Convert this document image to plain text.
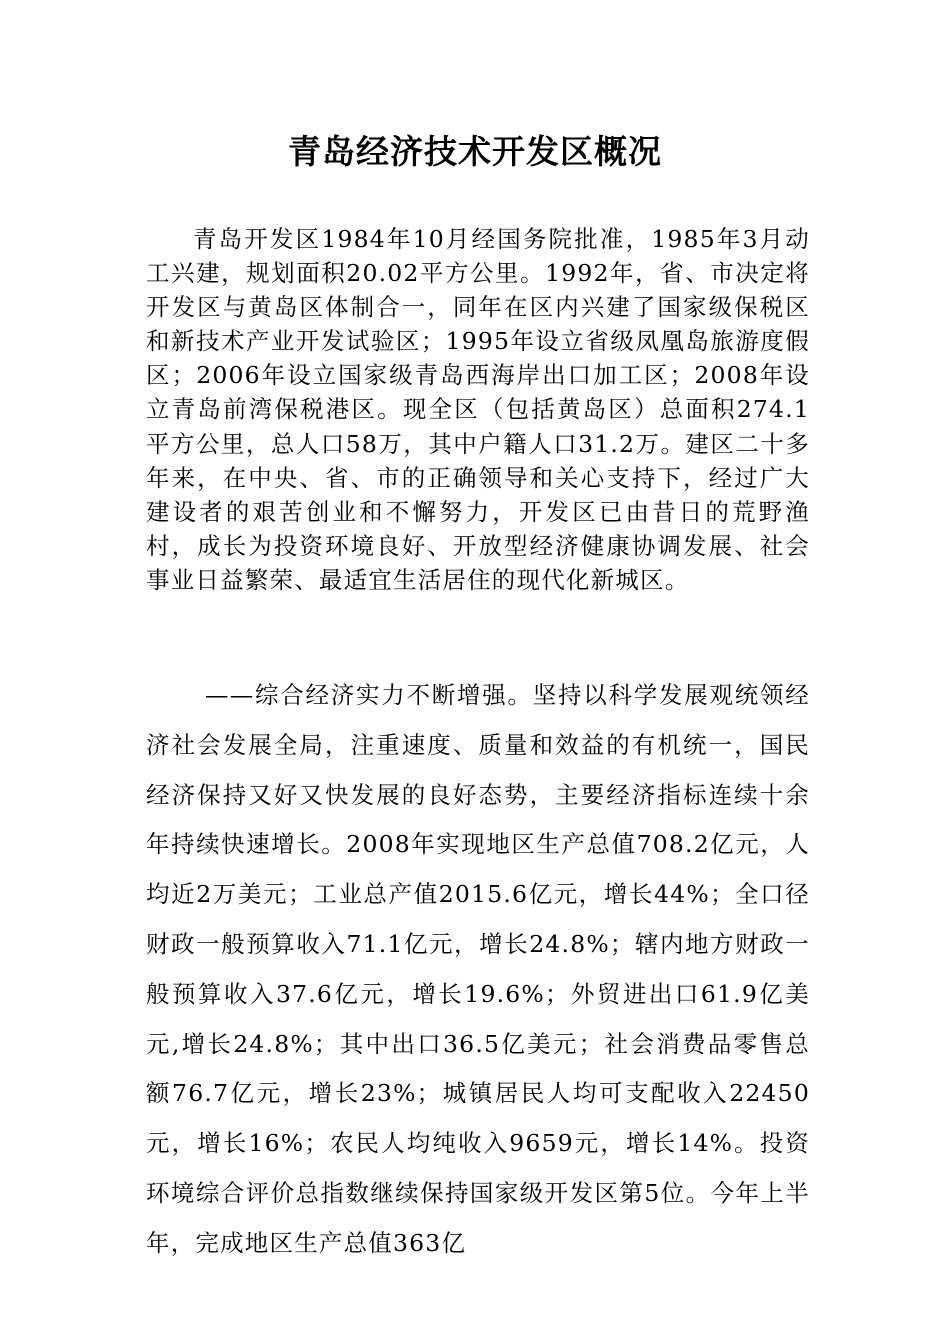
青岛经济技术开发区概况

青岛开发区1984年10月经国务院批准，1985年3月动工兴建，规划面积20.02平方公里。1992年，省、市决定将开发区与黄岛区体制合一，同年在区内兴建了国家级保税区和新技术产业开发试验区；1995年设立省级凤凰岛旅游度假区；2006年设立国家级青岛西海岸出口加工区；2008年设立青岛前湾保税港区。现全区（包括黄岛区）总面积274.1平方公里，总人口58万，其中户籍人口31.2万。建区二十多年来，在中央、省、市的正确领导和关心支持下，经过广大建设者的艰苦创业和不懈努力，开发区已由昔日的荒野渔村，成长为投资环境良好、开放型经济健康协调发展、社会事业日益繁荣、最适宜生活居住的现代化新城区。

——综合经济实力不断增强。坚持以科学发展观统领经济社会发展全局，注重速度、质量和效益的有机统一，国民经济保持又好又快发展的良好态势，主要经济指标连续十余年持续快速增长。2008年实现地区生产总值708.2亿元，人均近2万美元；工业总产值2015.6亿元，增长44%；全口径财政一般预算收入71.1亿元，增长24.8%；辖内地方财政一般预算收入37.6亿元，增长19.6%；外贸进出口61.9亿美元,增长24.8%；其中出口36.5亿美元；社会消费品零售总额76.7亿元，增长23%；城镇居民人均可支配收入22450元，增长16%；农民人均纯收入9659元，增长14%。投资环境综合评价总指数继续保持国家级开发区第5位。今年上半年，完成地区生产总值363亿
